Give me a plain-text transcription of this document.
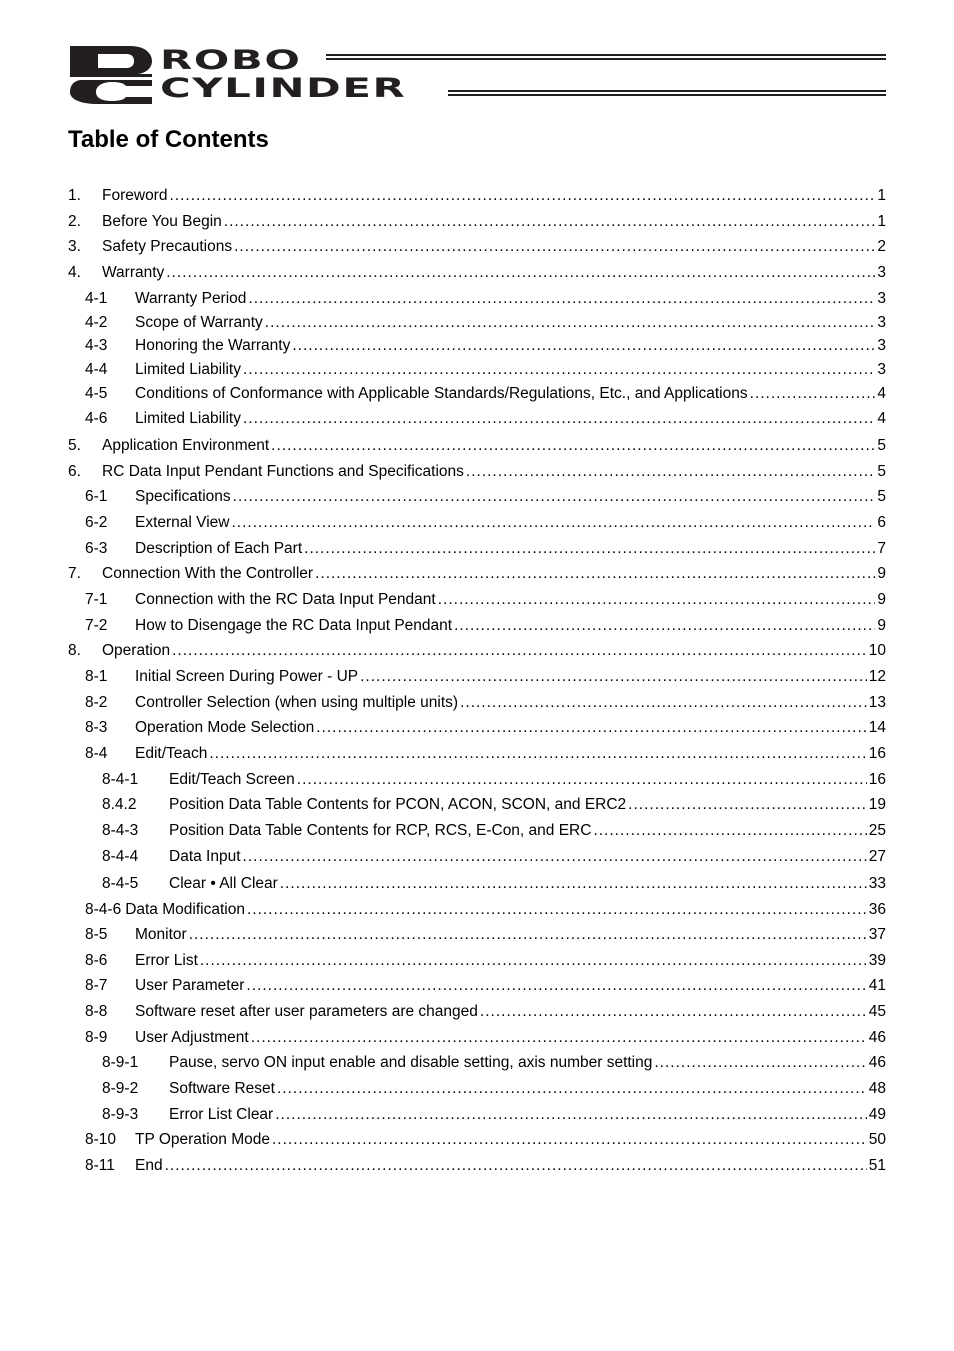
ROBO
CYLINDER
Table of Contents
1.	Foreword .....	1
2.	Before You Begin .....	1
3.	Safety Precautions .....	2
4.	Warranty .....	3
4-1	Warranty Period .....	3
4-2	Scope of Warranty .....	3
4-3	Honoring the Warranty .....	3
4-4	Limited Liability .....	3
4-5	Conditions of Conformance with Applicable Standards/Regulations, Etc., and Applications .....	4
4-6	Limited Liability .....	4
5.	Application Environment .....	5
6.	RC Data Input Pendant Functions and Specifications .....	5
6-1	Specifications .....	5
6-2	External View .....	6
6-3	Description of Each Part .....	7
7.	Connection With the Controller .....	9
7-1	Connection with the RC Data Input Pendant .....	9
7-2	How to Disengage the RC Data Input Pendant .....	9
8.	Operation .....	10
8-1	Initial Screen During Power - UP .....	12
8-2	Controller Selection (when using multiple units) .....	13
8-3	Operation Mode Selection .....	14
8-4	Edit/Teach .....	16
8-4-1	Edit/Teach Screen .....	16
8.4.2	Position Data Table Contents for PCON, ACON, SCON, and ERC2 .....	19
8-4-3	Position Data Table Contents for RCP, RCS, E-Con, and ERC .....	25
8-4-4	Data Input .....	27
8-4-5	Clear • All Clear .....	33
8-4-6 Data Modification .....	36
8-5	Monitor .....	37
8-6	Error List .....	39
8-7	User Parameter .....	41
8-8	Software reset after user parameters are changed .....	45
8-9	User Adjustment .....	46
8-9-1	Pause, servo ON input enable and disable setting, axis number setting .....	46
8-9-2	Software Reset .....	48
8-9-3	Error List Clear .....	49
8-10	TP Operation Mode .....	50
8-11	End .....	51
